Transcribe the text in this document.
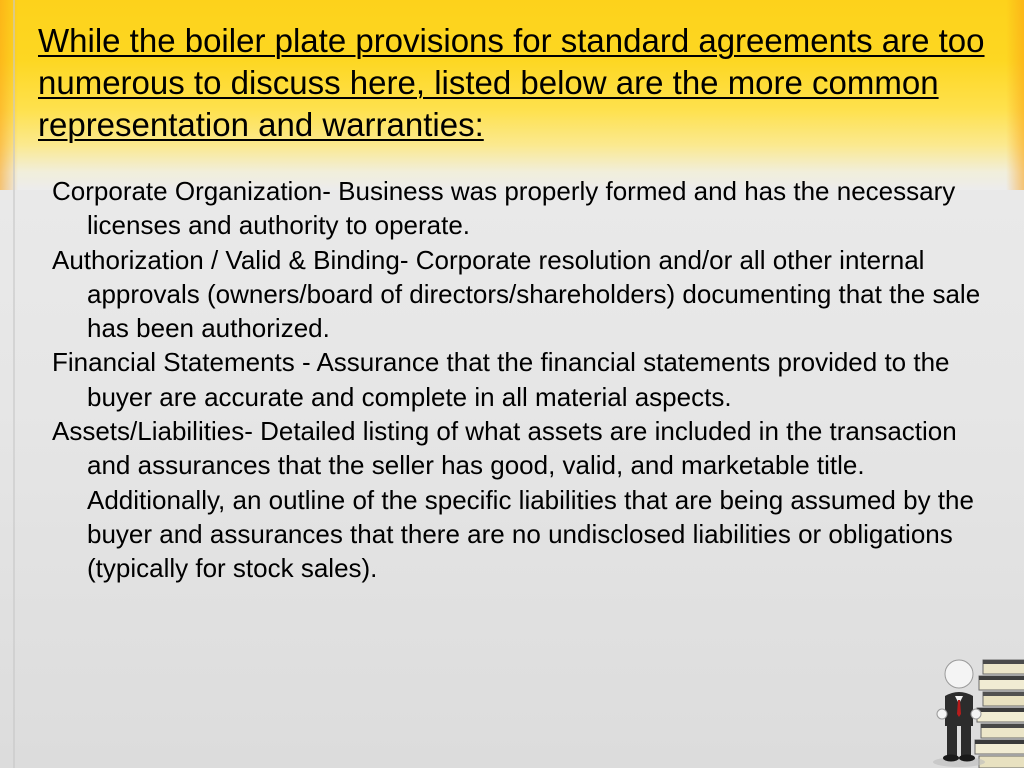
While the boiler plate provisions for standard agreements are too numerous to discuss here, listed below are the more common representation and warranties:
Corporate Organization- Business was properly formed and has the necessary licenses and authority to operate.
Authorization / Valid & Binding- Corporate resolution and/or all other internal approvals (owners/board of directors/shareholders) documenting that the sale has been authorized.
Financial Statements - Assurance that the financial statements provided to the buyer are accurate and complete in all material aspects.
Assets/Liabilities- Detailed listing of what assets are included in the transaction and assurances that the seller has good, valid, and marketable title. Additionally, an outline of the specific liabilities that are being assumed by the buyer and assurances that there are no undisclosed liabilities or obligations (typically for stock sales).
